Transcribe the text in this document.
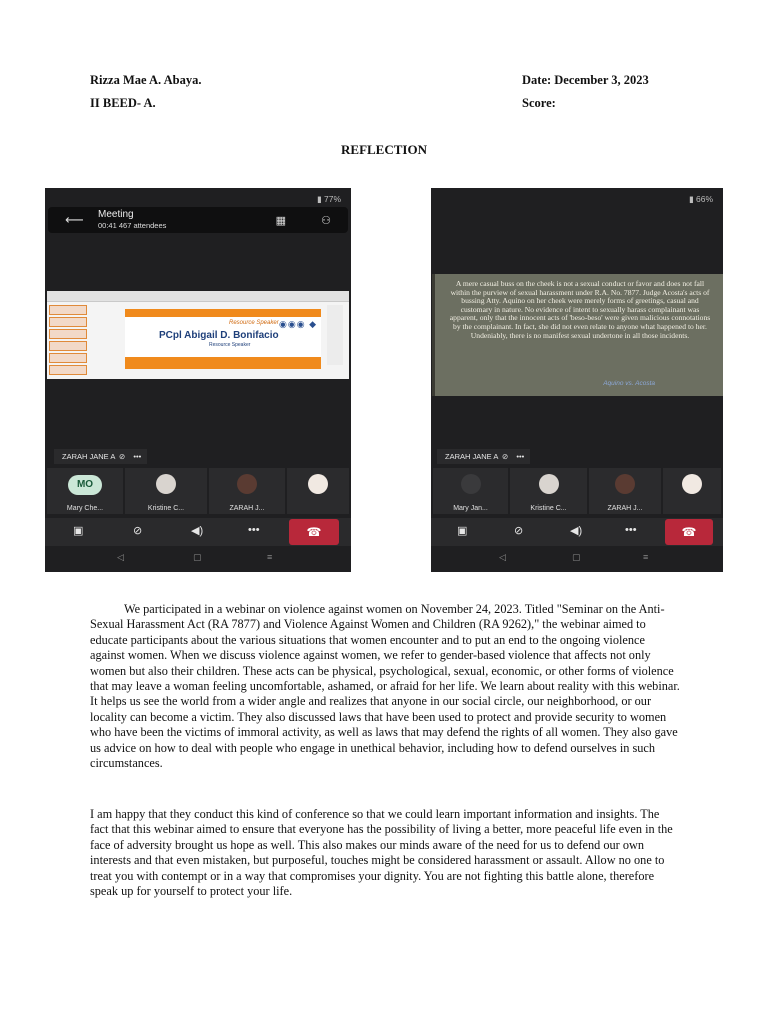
Rizza Mae A. Abaya.
II BEED- A.
Date: December 3, 2023
Score:
REFLECTION
▮ 77%
⟵ Meeting
00:41 467 attendees	▦	⚇
Resource Speaker ◉◉◉ ◆
PCpl Abigail D. Bonifacio
Resource Speaker
ZARAH JANE A ⊘ •••
MO
Mary Che...	Kristine C...	ZARAH J...
▣	⊘	◀)	•••	☎
◁	▢	≡
▮ 66%

A mere casual buss on the cheek is not a sexual conduct or favor and does not fall within the purview of sexual harassment under R.A. No. 7877. Judge Acosta's acts of bussing Atty. Aquino on her cheek were merely forms of greetings, casual and customary in nature. No evidence of intent to sexually harass complainant was apparent, only that the innocent acts of 'beso-beso' were given malicious connotations by the complainant. In fact, she did not even relate to anyone what happened to her. Undeniably, there is no manifest sexual undertone in all those incidents.

Aquino vs. Acosta
ZARAH JANE A ⊘ •••
Mary Jan...	Kristine C...	ZARAH J...
▣	⊘	◀)	•••	☎
◁	▢	≡

We participated in a webinar on violence against women on November 24, 2023. Titled "Seminar on the Anti-Sexual Harassment Act (RA 7877) and Violence Against Women and Children (RA 9262)," the webinar aimed to educate participants about the various situations that women encounter and to put an end to the ongoing violence against women. When we discuss violence against women, we refer to gender-based violence that affects not only women but also their children. These acts can be physical, psychological, sexual, economic, or other forms of violence that may leave a woman feeling uncomfortable, ashamed, or afraid for her life. We learn about reality with this webinar. It helps us see the world from a wider angle and realizes that anyone in our social circle, our neighborhood, or our locality can become a victim. They also discussed laws that have been used to protect and provide security to women who have been the victims of immoral activity, as well as laws that may defend the rights of all women. They also gave us advice on how to deal with people who engage in unethical behavior, including how to defend ourselves in such circumstances.

I am happy that they conduct this kind of conference so that we could learn important information and insights. The fact that this webinar aimed to ensure that everyone has the possibility of living a better, more peaceful life even in the face of adversity brought us hope as well. This also makes our minds aware of the need for us to defend our own interests and that even mistaken, but purposeful, touches might be considered harassment or assault. Allow no one to treat you with contempt or in a way that compromises your dignity. You are not fighting this battle alone, therefore speak up for yourself to protect your life.
